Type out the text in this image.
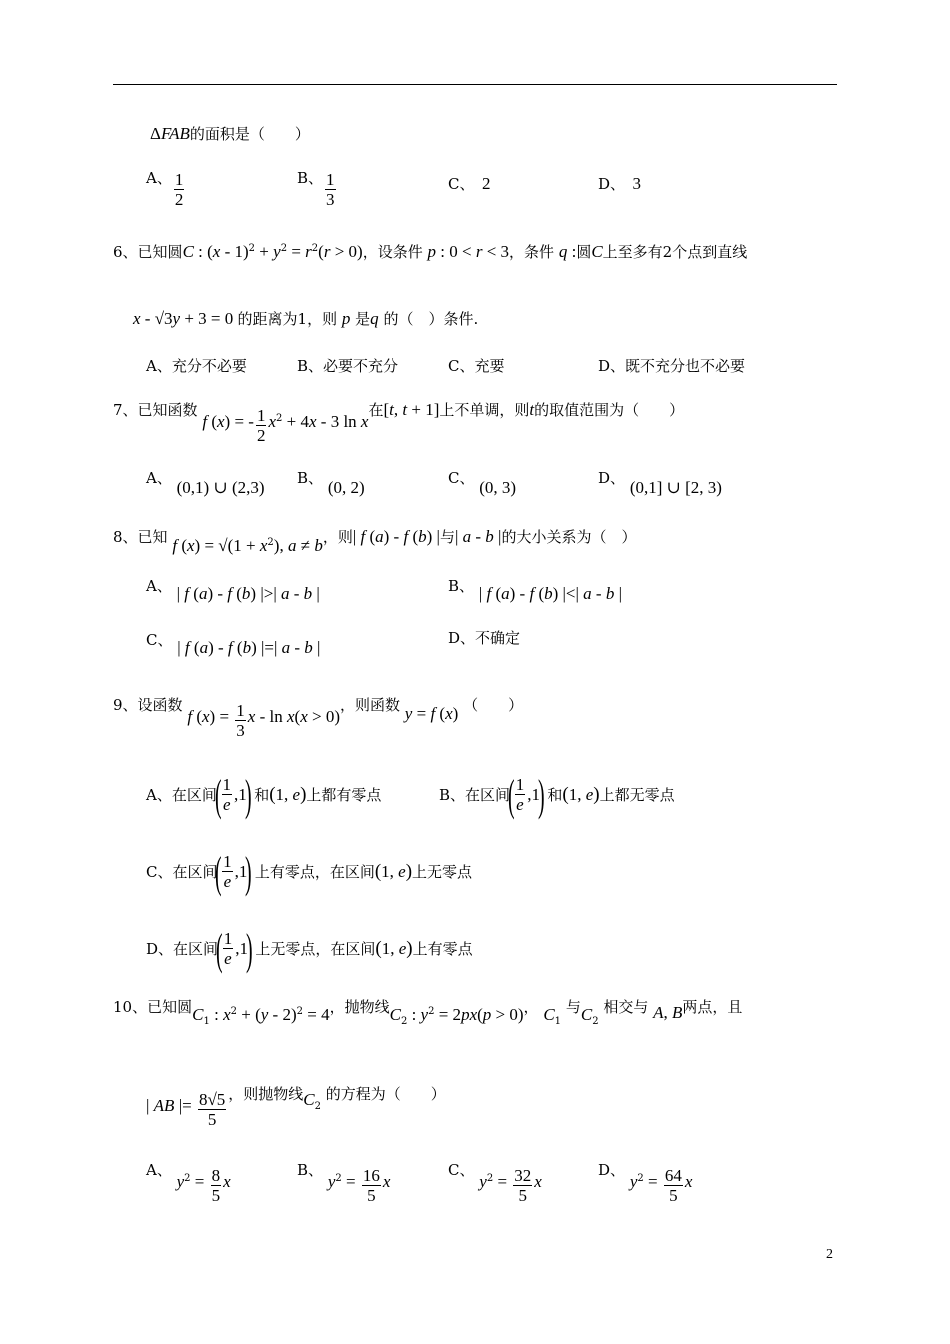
ΔFAB的面积是（　　）
A、 $\frac{1}{2}$	B、 $\frac{1}{3}$	C、　 2	D、　 3
6、已知圆C : $(x - 1)^2 + y^2 = r^2(r > 0)$，设条件 p : 0 < r < 3，条件 q :圆C上至多有2个点到直线
x - √3y + 3 = 0 的距离为1，则 p 是q 的（　）条件.
A、充分不必要	B、必要不充分	C、充要	D、既不充分也不必要
7、已知函数 f (x) = - $\frac{1}{2} x^2 + 4x - 3$ ln x在[t, t + 1]上不单调，则t的取值范围为（　　）
A、 (0,1) ∪ (2,3) B、 (0, 2)	C、 (0, 3)	D、 (0,1] ∪ [2, 3)
8、已知 f $(x) = √(1 + x^2)$, a ≠ b，则| f (a) - f (b) |与| a - b |的大小关系为（　）
A、 | f (a) - f (b) |>| a - b |	B、 | f (a) - f (b) |<| a - b |
C、 | f (a) - f (b) |=| a - b |	D、不确定
9、设函数 f $(x) = \frac{1}{3}$ x - ln x(x > 0)，则函数 y = f (x) （　　）
A、在区间( $\frac{1}{e} ,1$) 和(1, e)上都有零点	B、在区间( $\frac{1}{e} ,1$) 和(1, e)上都无零点
C、在区间( $\frac{1}{e} ,1$) 上有零点，在区间(1, e)上无零点
D、在区间( $\frac{1}{e} ,1$) 上无零点，在区间(1, e)上有零点
10、已知圆$C_1$ : $x^2 + (y - 2)^2 = 4$，抛物线$C_2$ : $y^2 = 2px(p > 0)$， $C_1$ 与$C_2$ 相交与 A, B两点，且
| AB |= $\frac{8√5}{5}$ ，则抛物线$C_2$ 的方程为（　　）
A、 $y^2 = \frac{8}{5}$ x
B、 $y^2 = \frac{16}{5}$ x
C、 $y^2 = \frac{32}{5}$ x
D、 $y^2 = \frac{64}{5}$ x
2
